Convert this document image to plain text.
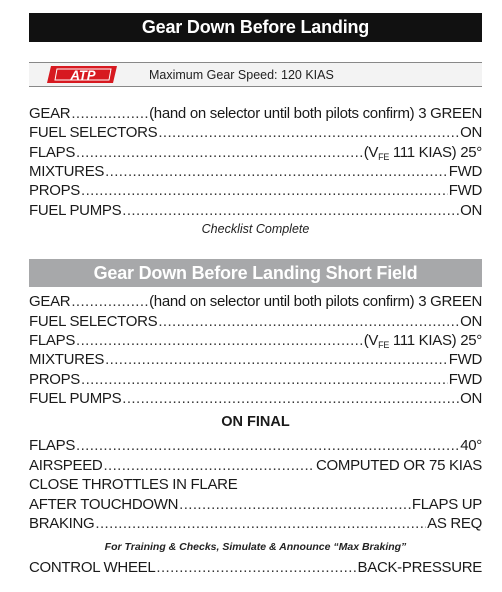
Gear Down Before Landing
ATP	Maximum Gear Speed: 120 KIAS
GEAR .....	(hand on selector until both pilots confirm) 3 GREEN
FUEL SELECTORS .....	ON
FLAPS .....	($V_{FE}$ 111 KIAS) 25°
MIXTURES .....	FWD
PROPS .....	FWD
FUEL PUMPS .....	ON
Checklist Complete
Gear Down Before Landing Short Field
GEAR .....	(hand on selector until both pilots confirm) 3 GREEN
FUEL SELECTORS .....	ON
FLAPS .....	($V_{FE}$ 111 KIAS) 25°
MIXTURES .....	FWD
PROPS .....	FWD
FUEL PUMPS .....	ON
ON FINAL
FLAPS .....	40°
AIRSPEED .....	COMPUTED OR 75 KIAS
CLOSE THROTTLES IN FLARE
AFTER TOUCHDOWN .....	FLAPS UP
BRAKING .....	AS REQ
For Training & Checks, Simulate & Announce “Max Braking”
CONTROL WHEEL .....	BACK-PRESSURE
